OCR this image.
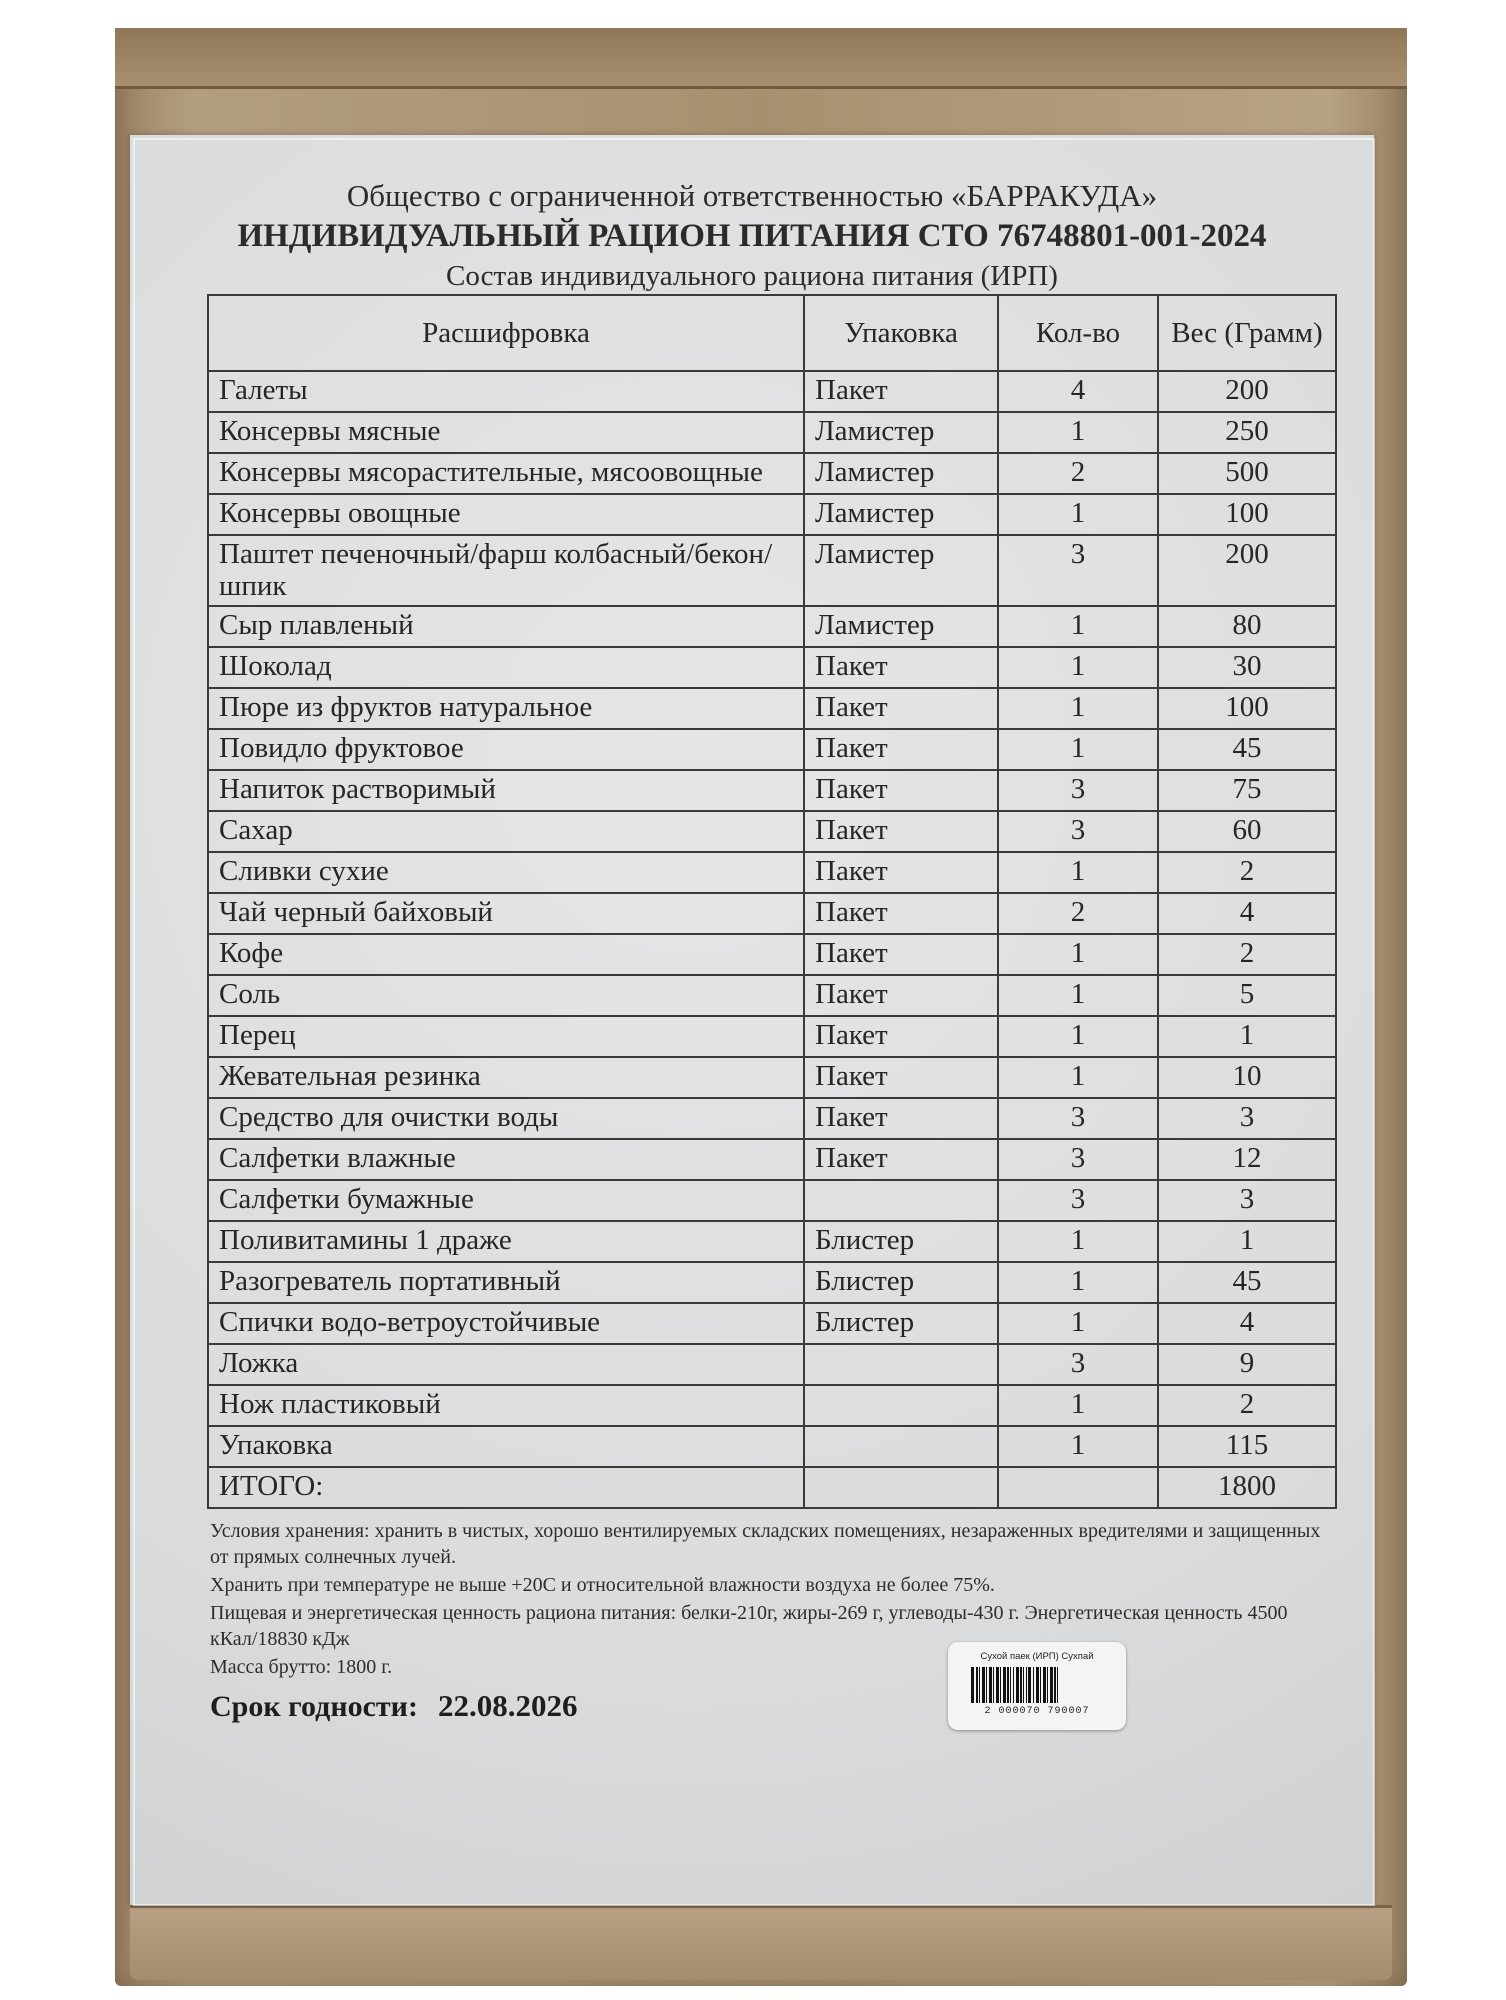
Общество с ограниченной ответственностью «БАРРАКУДА»
ИНДИВИДУАЛЬНЫЙ РАЦИОН ПИТАНИЯ СТО 76748801-001-2024
Состав индивидуального рациона питания (ИРП)
Расшифровка	Упаковка	Кол-во	Вес (Грамм)
Галеты	Пакет	4	200
Консервы мясные	Ламистер	1	250
Консервы мясорастительные, мясоовощные	Ламистер	2	500
Консервы овощные	Ламистер	1	100
Паштет печеночный/фарш колбасный/бекон/шпик	Ламистер	3	200
Сыр плавленый	Ламистер	1	80
Шоколад	Пакет	1	30
Пюре из фруктов натуральное	Пакет	1	100
Повидло фруктовое	Пакет	1	45
Напиток растворимый	Пакет	3	75
Сахар	Пакет	3	60
Сливки сухие	Пакет	1	2
Чай черный байховый	Пакет	2	4
Кофе	Пакет	1	2
Соль	Пакет	1	5
Перец	Пакет	1	1
Жевательная резинка	Пакет	1	10
Средство для очистки воды	Пакет	3	3
Салфетки влажные	Пакет	3	12
Салфетки бумажные		3	3
Поливитамины 1 драже	Блистер	1	1
Разогреватель портативный	Блистер	1	45
Спички водо-ветроустойчивые	Блистер	1	4
Ложка		3	9
Нож пластиковый		1	2
Упаковка		1	115
ИТОГО:			1800

Условия хранения: хранить в чистых, хорошо вентилируемых складских помещениях, незараженных вредителями и защищенных от прямых солнечных лучей.

Хранить при температуре не выше +20С и относительной влажности воздуха не более 75%.

Пищевая и энергетическая ценность рациона питания: белки-210г, жиры-269 г, углеводы-430 г. Энергетическая ценность 4500 кКал/18830 кДж

Масса брутто: 1800 г.

Срок годности: 22.08.2026
Сухой паек (ИРП) Сухпай
2 000070 790007
